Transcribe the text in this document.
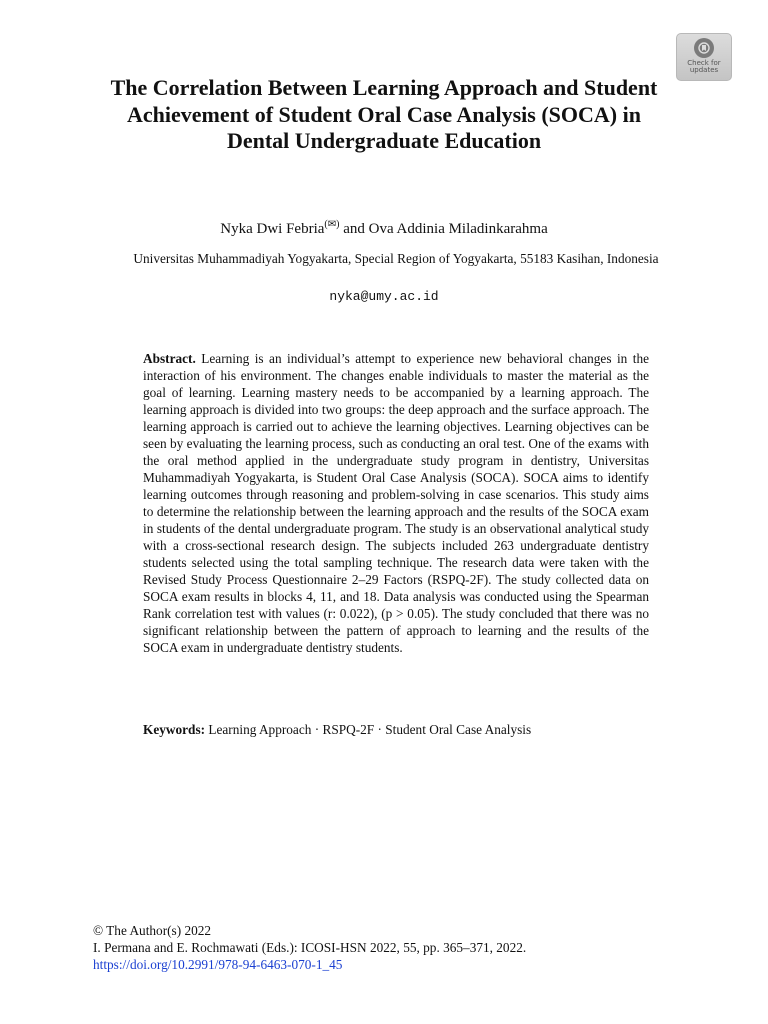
Check for
updates
The Correlation Between Learning Approach and Student Achievement of Student Oral Case Analysis (SOCA) in Dental Undergraduate Education
Nyka Dwi Febria(✉) and Ova Addinia Miladinkarahma
Universitas Muhammadiyah Yogyakarta, Special Region of Yogyakarta, 55183 Kasihan, Indonesia
nyka@umy.ac.id
Abstract. Learning is an individual’s attempt to experience new behavioral changes in the interaction of his environment. The changes enable individuals to master the material as the goal of learning. Learning mastery needs to be accompanied by a learning approach. The learning approach is divided into two groups: the deep approach and the surface approach. The learning approach is carried out to achieve the learning objectives. Learning objectives can be seen by evaluating the learning process, such as conducting an oral test. One of the exams with the oral method applied in the undergraduate study program in dentistry, Universitas Muhammadiyah Yogyakarta, is Student Oral Case Analysis (SOCA). SOCA aims to identify learning outcomes through reasoning and problem-solving in case scenarios. This study aims to determine the relationship between the learning approach and the results of the SOCA exam in students of the dental undergraduate program. The study is an observational analytical study with a cross-sectional research design. The subjects included 263 undergraduate dentistry students selected using the total sampling technique. The research data were taken with the Revised Study Process Questionnaire 2–29 Factors (RSPQ-2F). The study collected data on SOCA exam results in blocks 4, 11, and 18. Data analysis was conducted using the Spearman Rank correlation test with values (r: 0.022), (p > 0.05). The study concluded that there was no significant relationship between the pattern of approach to learning and the results of the SOCA exam in undergraduate dentistry students.
Keywords: Learning Approach · RSPQ-2F · Student Oral Case Analysis
© The Author(s) 2022
I. Permana and E. Rochmawati (Eds.): ICOSI-HSN 2022, 55, pp. 365–371, 2022.
https://doi.org/10.2991/978-94-6463-070-1_45
